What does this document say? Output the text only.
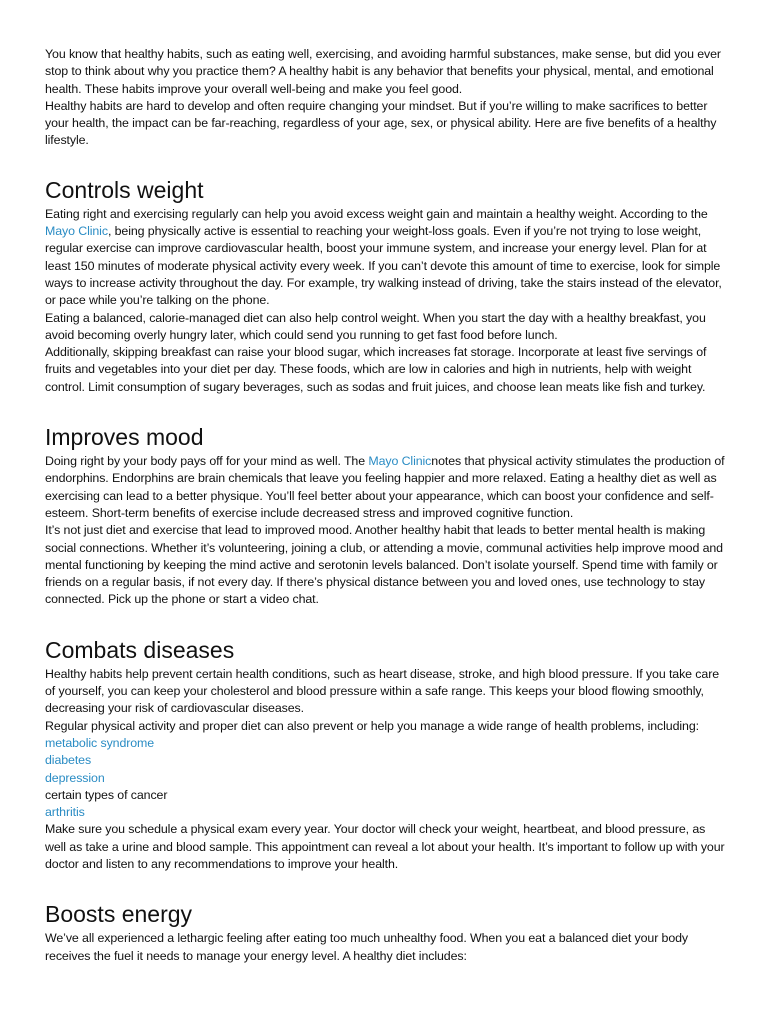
You know that healthy habits, such as eating well, exercising, and avoiding harmful substances, make sense, but did you ever stop to think about why you practice them? A healthy habit is any behavior that benefits your physical, mental, and emotional health. These habits improve your overall well-being and make you feel good.

Healthy habits are hard to develop and often require changing your mindset. But if you’re willing to make sacrifices to better your health, the impact can be far-reaching, regardless of your age, sex, or physical ability. Here are five benefits of a healthy lifestyle.

Controls weight

Eating right and exercising regularly can help you avoid excess weight gain and maintain a healthy weight. According to the Mayo Clinic, being physically active is essential to reaching your weight-loss goals. Even if you’re not trying to lose weight, regular exercise can improve cardiovascular health, boost your immune system, and increase your energy level. Plan for at least 150 minutes of moderate physical activity every week. If you can’t devote this amount of time to exercise, look for simple ways to increase activity throughout the day. For example, try walking instead of driving, take the stairs instead of the elevator, or pace while you’re talking on the phone.

Eating a balanced, calorie-managed diet can also help control weight. When you start the day with a healthy breakfast, you avoid becoming overly hungry later, which could send you running to get fast food before lunch.

Additionally, skipping breakfast can raise your blood sugar, which increases fat storage. Incorporate at least five servings of fruits and vegetables into your diet per day. These foods, which are low in calories and high in nutrients, help with weight control. Limit consumption of sugary beverages, such as sodas and fruit juices, and choose lean meats like fish and turkey.

Improves mood

Doing right by your body pays off for your mind as well. The Mayo Clinicnotes that physical activity stimulates the production of endorphins. Endorphins are brain chemicals that leave you feeling happier and more relaxed. Eating a healthy diet as well as exercising can lead to a better physique. You’ll feel better about your appearance, which can boost your confidence and self-esteem. Short-term benefits of exercise include decreased stress and improved cognitive function.

It’s not just diet and exercise that lead to improved mood. Another healthy habit that leads to better mental health is making social connections. Whether it’s volunteering, joining a club, or attending a movie, communal activities help improve mood and mental functioning by keeping the mind active and serotonin levels balanced. Don’t isolate yourself. Spend time with family or friends on a regular basis, if not every day. If there’s physical distance between you and loved ones, use technology to stay connected. Pick up the phone or start a video chat.

Combats diseases

Healthy habits help prevent certain health conditions, such as heart disease, stroke, and high blood pressure. If you take care of yourself, you can keep your cholesterol and blood pressure within a safe range. This keeps your blood flowing smoothly, decreasing your risk of cardiovascular diseases.

Regular physical activity and proper diet can also prevent or help you manage a wide range of health problems, including:

metabolic syndrome
diabetes
depression
certain types of cancer
arthritis

Make sure you schedule a physical exam every year. Your doctor will check your weight, heartbeat, and blood pressure, as well as take a urine and blood sample. This appointment can reveal a lot about your health. It’s important to follow up with your doctor and listen to any recommendations to improve your health.

Boosts energy

We’ve all experienced a lethargic feeling after eating too much unhealthy food. When you eat a balanced diet your body receives the fuel it needs to manage your energy level. A healthy diet includes:
